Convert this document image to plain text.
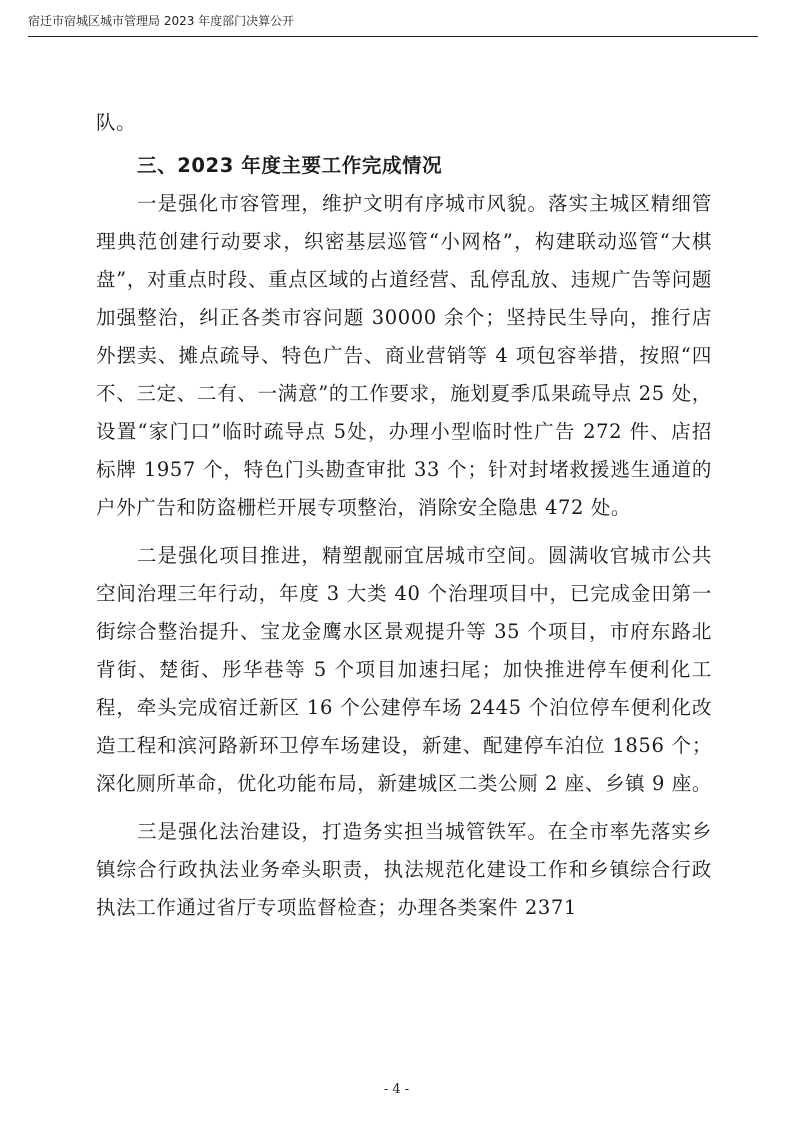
宿迁市宿城区城市管理局 2023 年度部门决算公开

队。

三、2023 年度主要工作完成情况

一是强化市容管理，维护文明有序城市风貌。落实主城区精细管理典范创建行动要求，织密基层巡管“小网格”，构建联动巡管“大棋盘”，对重点时段、重点区域的占道经营、乱停乱放、违规广告等问题加强整治，纠正各类市容问题 30000 余个；坚持民生导向，推行店外摆卖、摊点疏导、特色广告、商业营销等 4 项包容举措，按照“四不、三定、二有、一满意”的工作要求，施划夏季瓜果疏导点 25 处，设置“家门口”临时疏导点 5处，办理小型临时性广告 272 件、店招标牌 1957 个，特色门头勘查审批 33 个；针对封堵救援逃生通道的户外广告和防盗栅栏开展专项整治，消除安全隐患 472 处。

二是强化项目推进，精塑靓丽宜居城市空间。圆满收官城市公共空间治理三年行动，年度 3 大类 40 个治理项目中，已完成金田第一街综合整治提升、宝龙金鹰水区景观提升等 35 个项目，市府东路北背街、楚街、彤华巷等 5 个项目加速扫尾；加快推进停车便利化工程，牵头完成宿迁新区 16 个公建停车场 2445 个泊位停车便利化改造工程和滨河路新环卫停车场建设，新建、配建停车泊位 1856 个；深化厕所革命，优化功能布局，新建城区二类公厕 2 座、乡镇 9 座。

三是强化法治建设，打造务实担当城管铁军。在全市率先落实乡镇综合行政执法业务牵头职责，执法规范化建设工作和乡镇综合行政执法工作通过省厅专项监督检查；办理各类案件 2371

- 4 -
